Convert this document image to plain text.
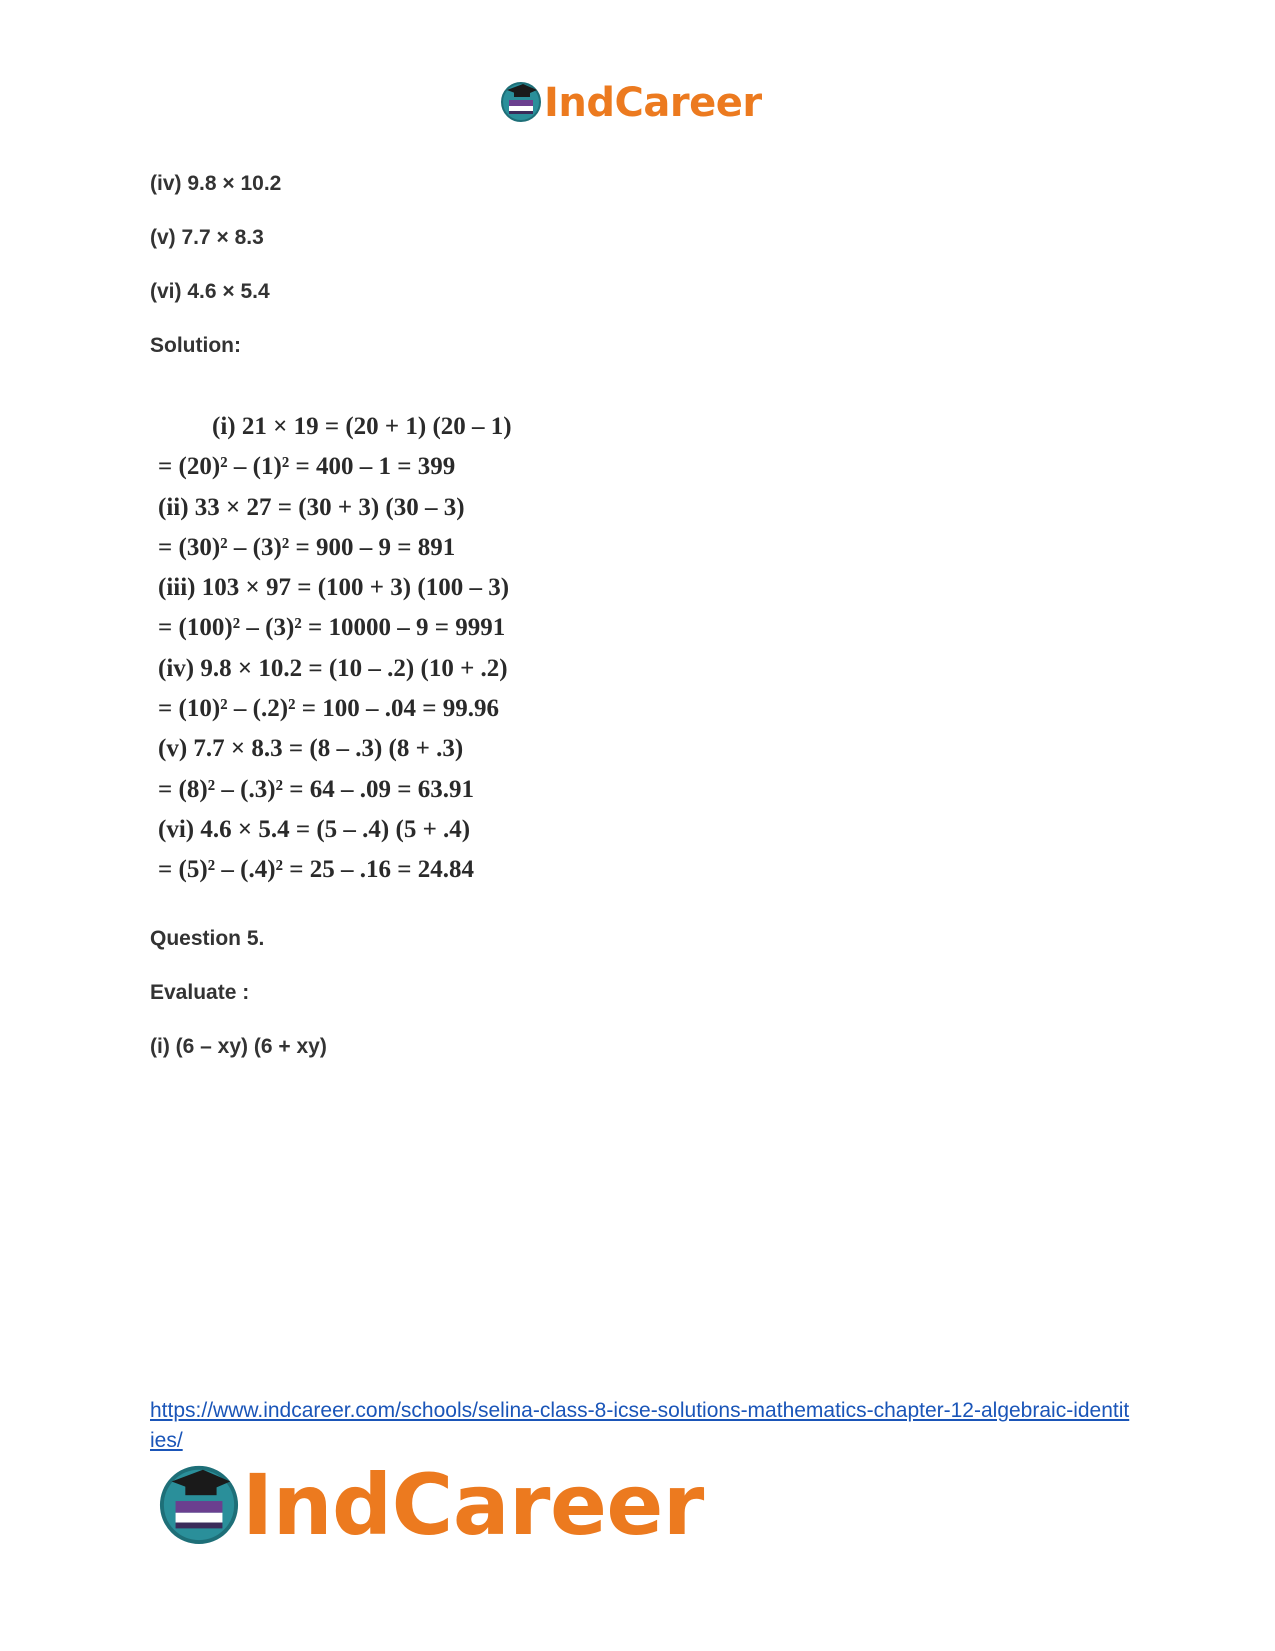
IndCareer
(iv) 9.8 × 10.2
(v) 7.7 × 8.3
(vi) 4.6 × 5.4
Solution:
(i) 21 × 19 = (20 + 1) (20 – 1)
= (20)² – (1)² = 400 – 1 = 399
(ii) 33 × 27 = (30 + 3) (30 – 3)
= (30)² – (3)² = 900 – 9 = 891
(iii) 103 × 97 = (100 + 3) (100 – 3)
= (100)² – (3)² = 10000 – 9 = 9991
(iv) 9.8 × 10.2 = (10 – .2) (10 + .2)
= (10)² – (.2)² = 100 – .04 = 99.96
(v) 7.7 × 8.3 = (8 – .3) (8 + .3)
= (8)² – (.3)² = 64 – .09 = 63.91
(vi) 4.6 × 5.4 = (5 – .4) (5 + .4)
= (5)² – (.4)² = 25 – .16 = 24.84
Question 5.
Evaluate :
(i) (6 – xy) (6 + xy)
https://www.indcareer.com/schools/selina-class-8-icse-solutions-mathematics-chapter-12-algebraic-identities/
IndCareer
